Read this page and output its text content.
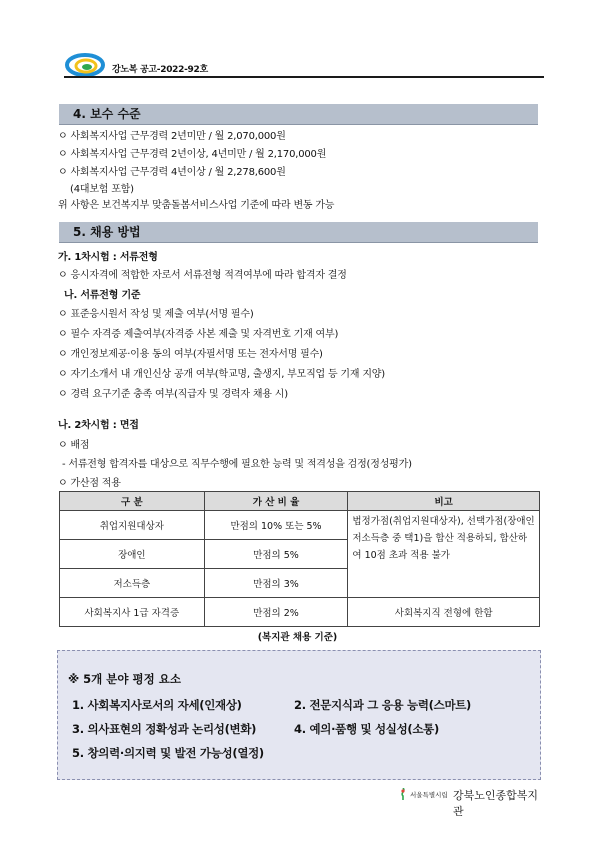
강노복 공고-2022-92호
4. 보수 수준
ㅇ 사회복지사업 근무경력 2년미만 / 월 2,070,000원
ㅇ 사회복지사업 근무경력 2년이상, 4년미만 / 월 2,170,000원
ㅇ 사회복지사업 근무경력 4년이상 / 월 2,278,600원
(4대보험 포함)
위 사항은 보건복지부 맞춤돌봄서비스사업 기준에 따라 변동 가능
5. 채용 방법
가. 1차시험 : 서류전형
ㅇ 응시자격에 적합한 자로서 서류전형 적격여부에 따라 합격자 결정
나. 서류전형 기준
ㅇ 표준응시원서 작성 및 제출 여부(서명 필수)
ㅇ 필수 자격증 제출여부(자격증 사본 제출 및 자격번호 기재 여부)
ㅇ 개인정보제공·이용 동의 여부(자필서명 또는 전자서명 필수)
ㅇ 자기소개서 내 개인신상 공개 여부(학교명, 출생지, 부모직업 등 기재 지양)
ㅇ 경력 요구기준 충족 여부(직급자 및 경력자 채용 시)
나. 2차시험 : 면접
ㅇ 배점
- 서류전형 합격자를 대상으로 직무수행에 필요한 능력 및 적격성을 검정(정성평가)
ㅇ 가산점 적용
구 분	가 산 비 율	비고
취업지원대상자	만점의 10% 또는 5%	법정가점(취업지원대상자), 선택가점(장애인 저소득층 중 택1)을 합산 적용하되, 합산하여 10점 초과 적용 불가
장애인	만점의 5%	
저소득층	만점의 3%	
사회복지사 1급 자격증	만점의 2%	사회복지직 전형에 한함
(복지관 채용 기준)
※ 5개 분야 평정 요소
1. 사회복지사로서의 자세(인재상)	2. 전문지식과 그 응용 능력(스마트)
3. 의사표현의 정확성과 논리성(변화)	4. 예의·품행 및 성실성(소통)
5. 창의력·의지력 및 발전 가능성(열정)
서울특별시립 강북노인종합복지관
